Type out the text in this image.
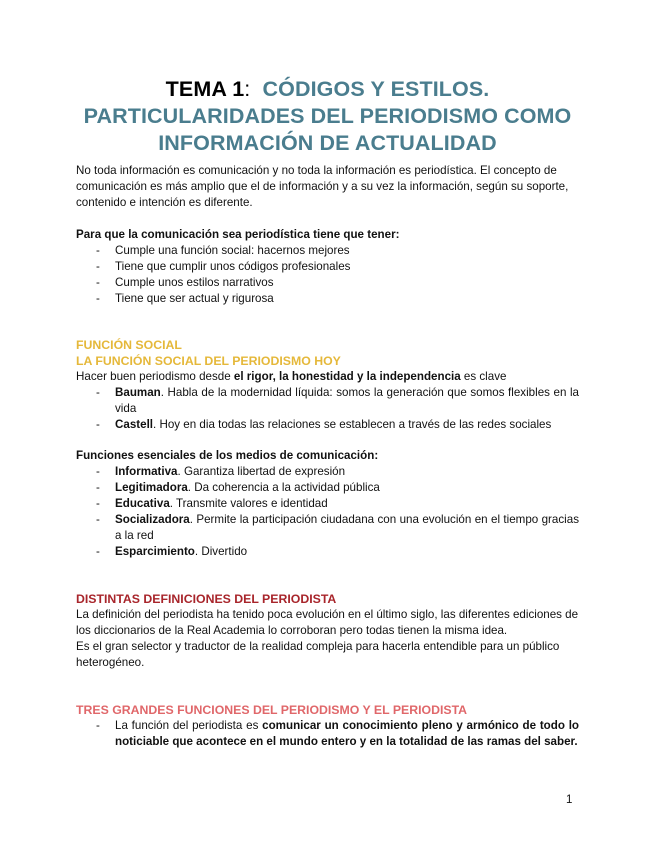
TEMA 1: CÓDIGOS Y ESTILOS.
PARTICULARIDADES DEL PERIODISMO COMO
INFORMACIÓN DE ACTUALIDAD

No toda información es comunicación y no toda la información es periodística. El concepto de comunicación es más amplio que el de información y a su vez la información, según su soporte, contenido e intención es diferente.

Para que la comunicación sea periodística tiene que tener:

- Cumple una función social: hacernos mejores
- Tiene que cumplir unos códigos profesionales
- Cumple unos estilos narrativos
- Tiene que ser actual y rigurosa

FUNCIÓN SOCIAL

LA FUNCIÓN SOCIAL DEL PERIODISMO HOY

Hacer buen periodismo desde el rigor, la honestidad y la independencia es clave

- Bauman. Habla de la modernidad líquida: somos la generación que somos flexibles en la vida
- Castell. Hoy en dia todas las relaciones se establecen a través de las redes sociales

Funciones esenciales de los medios de comunicación:

- Informativa. Garantiza libertad de expresión
- Legitimadora. Da coherencia a la actividad pública
- Educativa. Transmite valores e identidad
- Socializadora. Permite la participación ciudadana con una evolución en el tiempo gracias a la red
- Esparcimiento. Divertido

DISTINTAS DEFINICIONES DEL PERIODISTA

La definición del periodista ha tenido poca evolución en el último siglo, las diferentes ediciones de los diccionarios de la Real Academia lo corroboran pero todas tienen la misma idea.

Es el gran selector y traductor de la realidad compleja para hacerla entendible para un público heterogéneo.

TRES GRANDES FUNCIONES DEL PERIODISMO Y EL PERIODISTA

- La función del periodista es comunicar un conocimiento pleno y armónico de todo lo noticiable que acontece en el mundo entero y en la totalidad de las ramas del saber.
1
